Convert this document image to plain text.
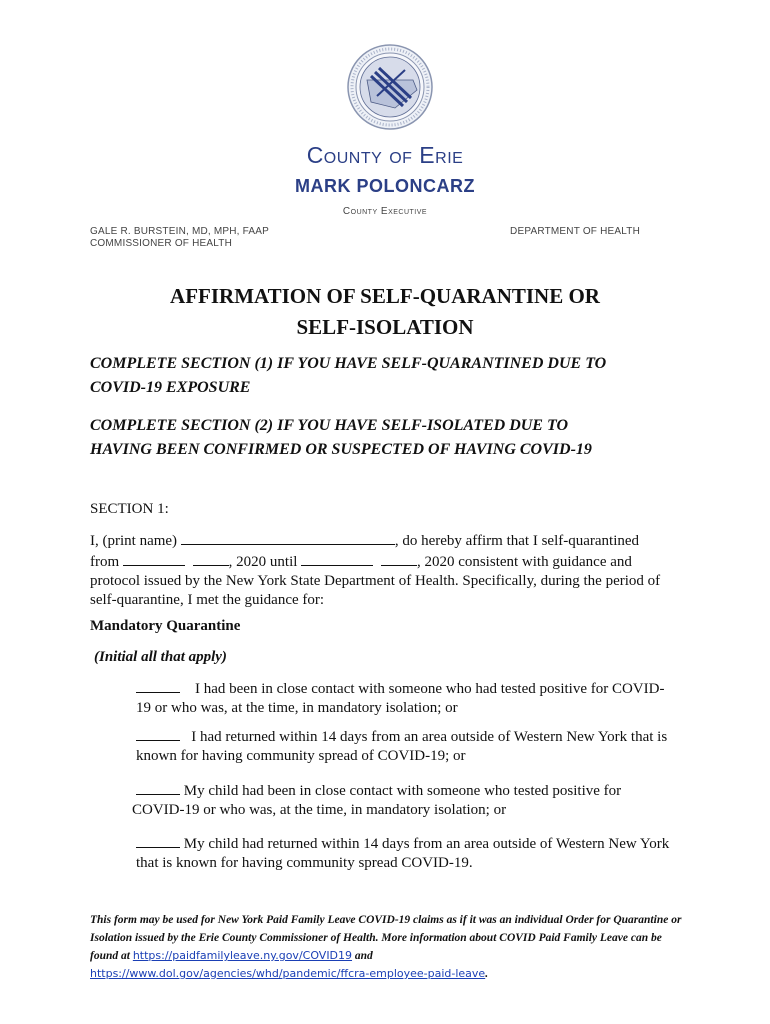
County of Erie
MARK POLONCARZ
County Executive
GALE R. BURSTEIN, MD, MPH, FAAP
COMMISSIONER OF HEALTH
DEPARTMENT OF HEALTH
AFFIRMATION OF SELF-QUARANTINE OR
SELF-ISOLATION
COMPLETE SECTION (1) IF YOU HAVE SELF-QUARANTINED DUE TO
COVID-19 EXPOSURE
COMPLETE SECTION (2) IF YOU HAVE SELF-ISOLATED DUE TO
HAVING BEEN CONFIRMED OR SUSPECTED OF HAVING COVID-19
SECTION 1:
I, (print name)	, do hereby affirm that I self-quarantined
from	, 2020 until	, 2020 consistent with guidance and
protocol issued by the New York State Department of Health. Specifically, during the period of
self-quarantine, I met the guidance for:
Mandatory Quarantine
(Initial all that apply)
I had been in close contact with someone who had tested positive for COVID-
19 or who was, at the time, in mandatory isolation; or
I had returned within 14 days from an area outside of Western New York that is
known for having community spread of COVID-19; or
My child had been in close contact with someone who tested positive for
COVID-19 or who was, at the time, in mandatory isolation; or
My child had returned within 14 days from an area outside of Western New York
that is known for having community spread COVID-19.
This form may be used for New York Paid Family Leave COVID-19 claims as if it was an individual Order for Quarantine or Isolation issued by the Erie County Commissioner of Health. More information about COVID Paid Family Leave can be found at https://paidfamilyleave.ny.gov/COVID19 and
https://www.dol.gov/agencies/whd/pandemic/ffcra-employee-paid-leave.
